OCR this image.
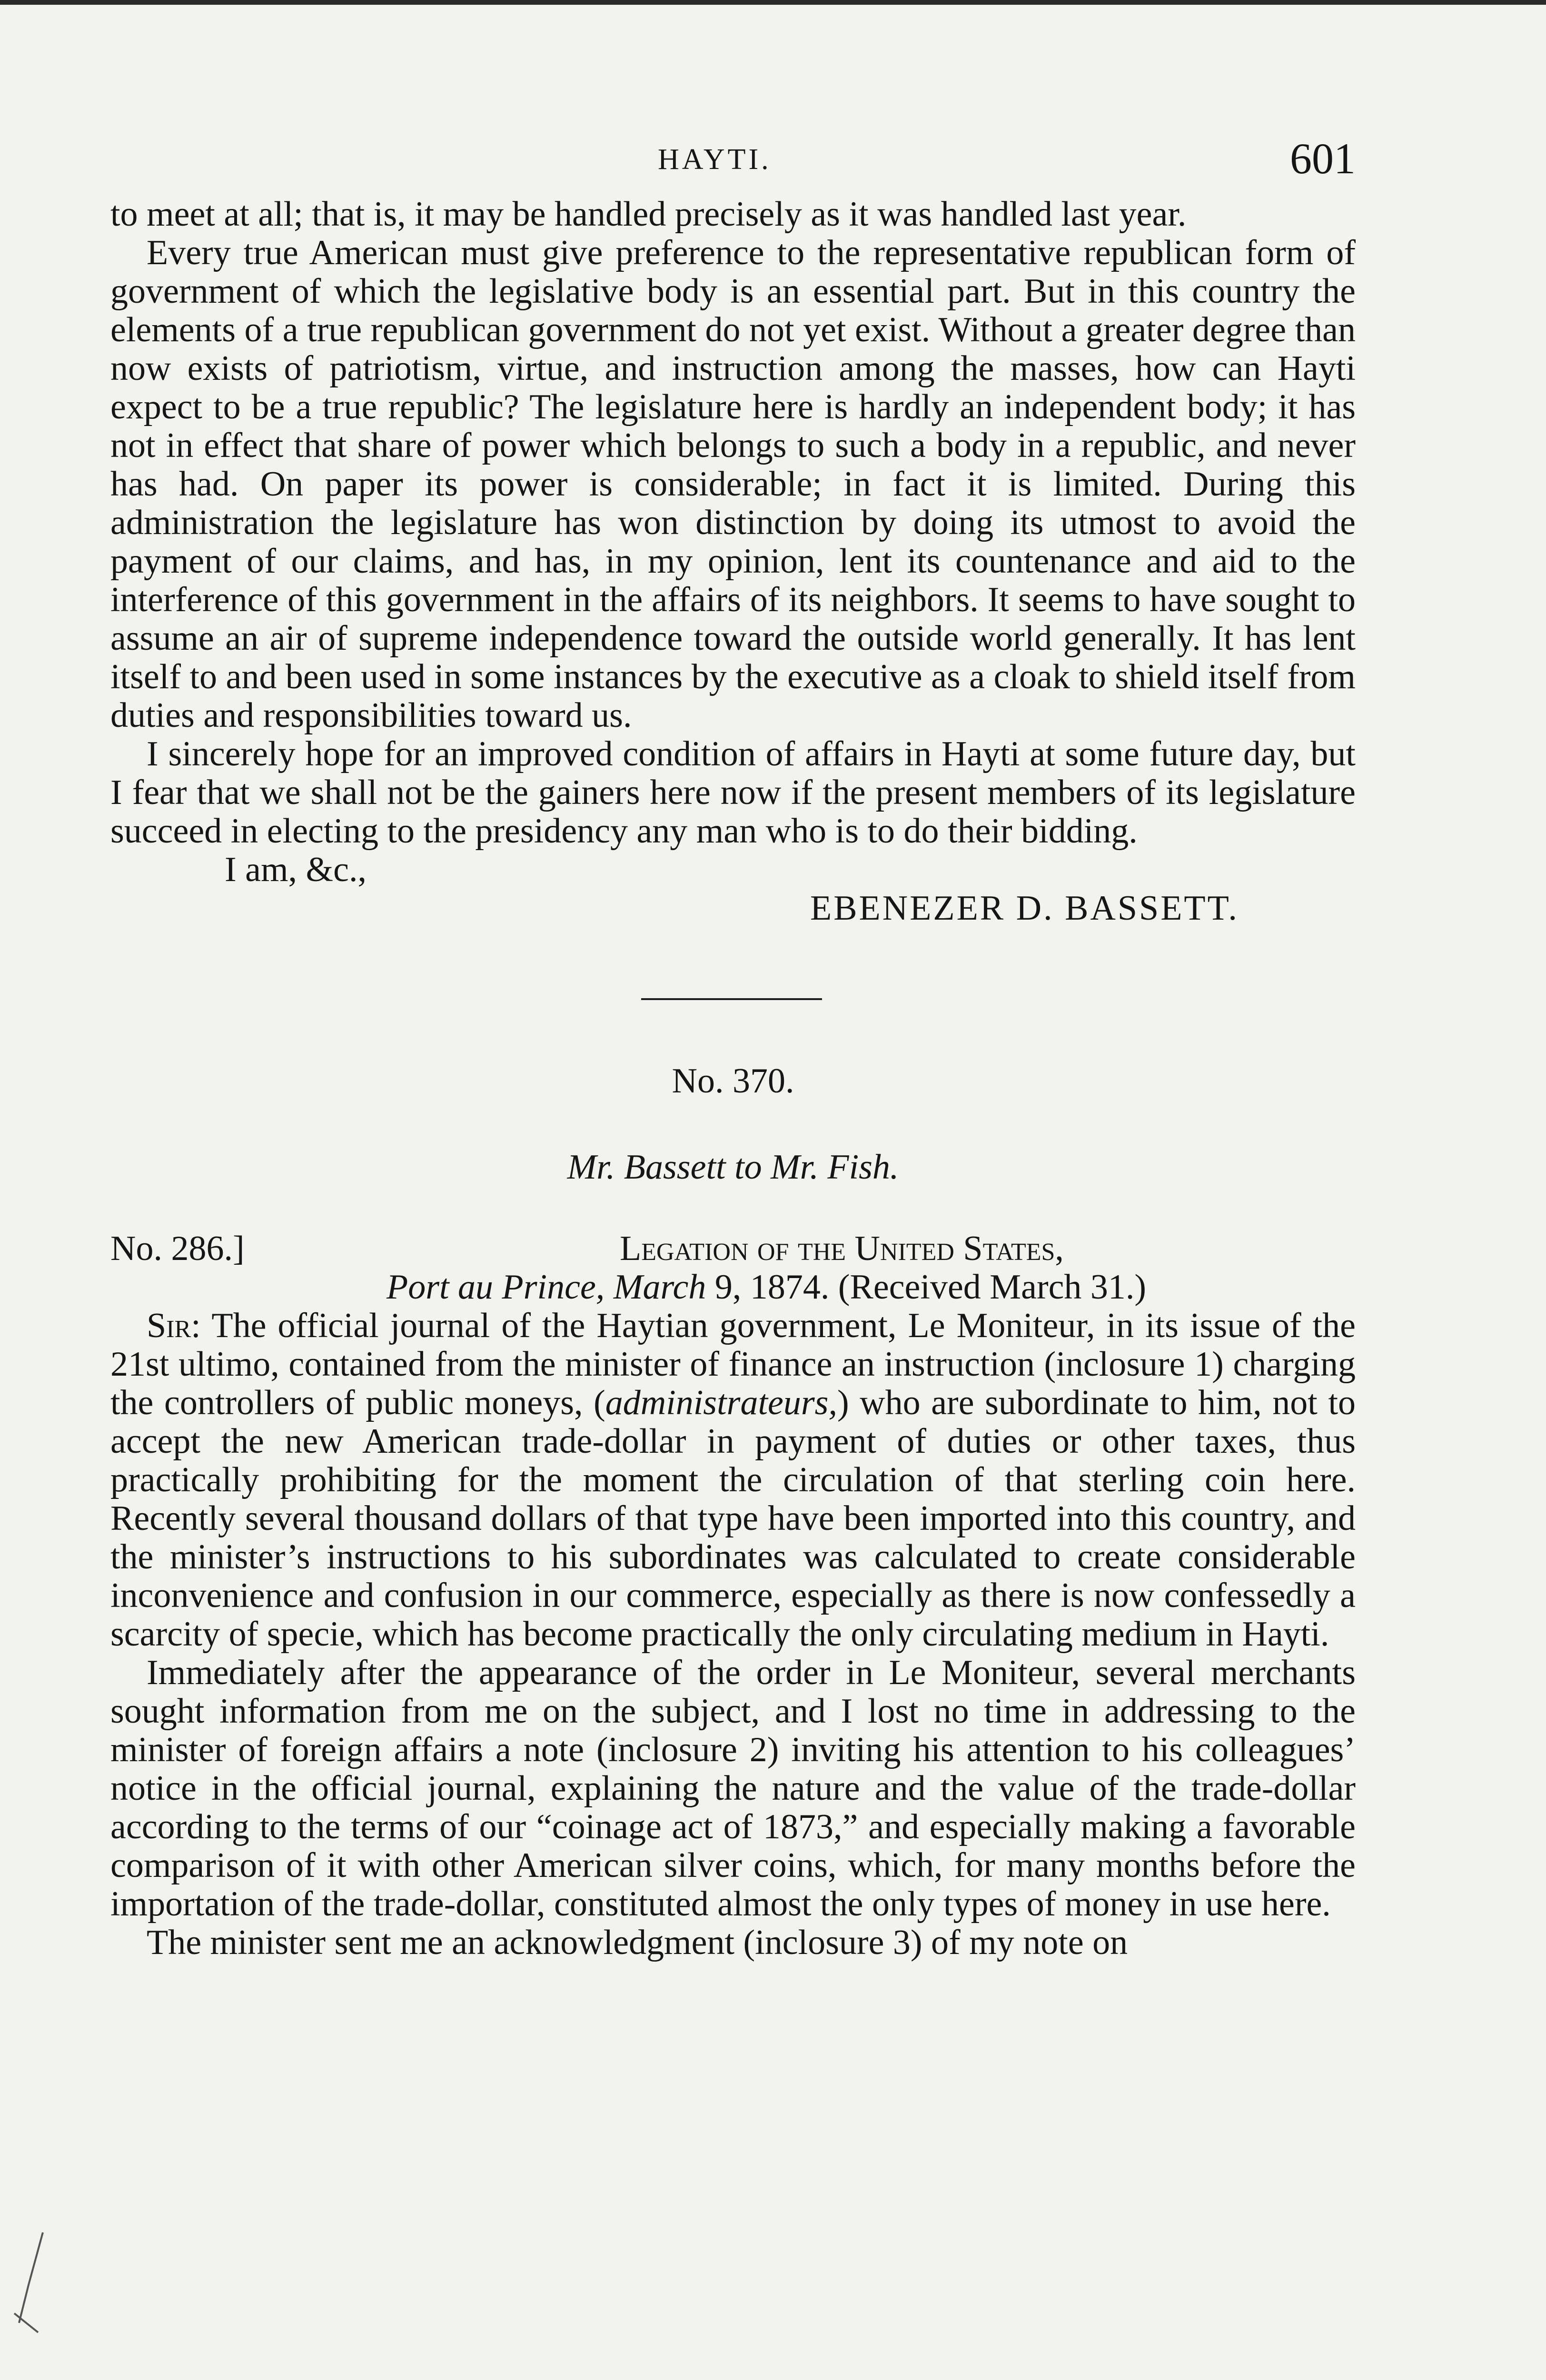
HAYTI.	601

to meet at all; that is, it may be handled precisely as it was handled last year.

Every true American must give preference to the representative republican form of government of which the legislative body is an essential part. But in this country the elements of a true republican government do not yet exist. Without a greater degree than now exists of patriotism, virtue, and instruction among the masses, how can Hayti expect to be a true republic? The legislature here is hardly an independent body; it has not in effect that share of power which belongs to such a body in a republic, and never has had. On paper its power is considerable; in fact it is limited. During this administration the legislature has won distinction by doing its utmost to avoid the payment of our claims, and has, in my opinion, lent its countenance and aid to the interference of this government in the affairs of its neighbors. It seems to have sought to assume an air of supreme independence toward the outside world generally. It has lent itself to and been used in some instances by the executive as a cloak to shield itself from duties and responsibilities toward us.

I sincerely hope for an improved condition of affairs in Hayti at some future day, but I fear that we shall not be the gainers here now if the present members of its legislature succeed in electing to the presidency any man who is to do their bidding.

I am, &c.,
EBENEZER D. BASSETT.
No. 370.
Mr. Bassett to Mr. Fish.
No. 286.]	Legation of the United States,
Port au Prince, March 9, 1874. (Received March 31.)

Sir: The official journal of the Haytian government, Le Moniteur, in its issue of the 21st ultimo, contained from the minister of finance an instruction (inclosure 1) charging the controllers of public moneys, (administrateurs,) who are subordinate to him, not to accept the new American trade-dollar in payment of duties or other taxes, thus practically prohibiting for the moment the circulation of that sterling coin here. Recently several thousand dollars of that type have been imported into this country, and the minister’s instructions to his subordinates was calculated to create considerable inconvenience and confusion in our commerce, especially as there is now confessedly a scarcity of specie, which has become practically the only circulating medium in Hayti.

Immediately after the appearance of the order in Le Moniteur, several merchants sought information from me on the subject, and I lost no time in addressing to the minister of foreign affairs a note (inclosure 2) inviting his attention to his colleagues’ notice in the official journal, explaining the nature and the value of the trade-dollar according to the terms of our “coinage act of 1873,” and especially making a favorable comparison of it with other American silver coins, which, for many months before the importation of the trade-dollar, constituted almost the only types of money in use here.

The minister sent me an acknowledgment (inclosure 3) of my note on
